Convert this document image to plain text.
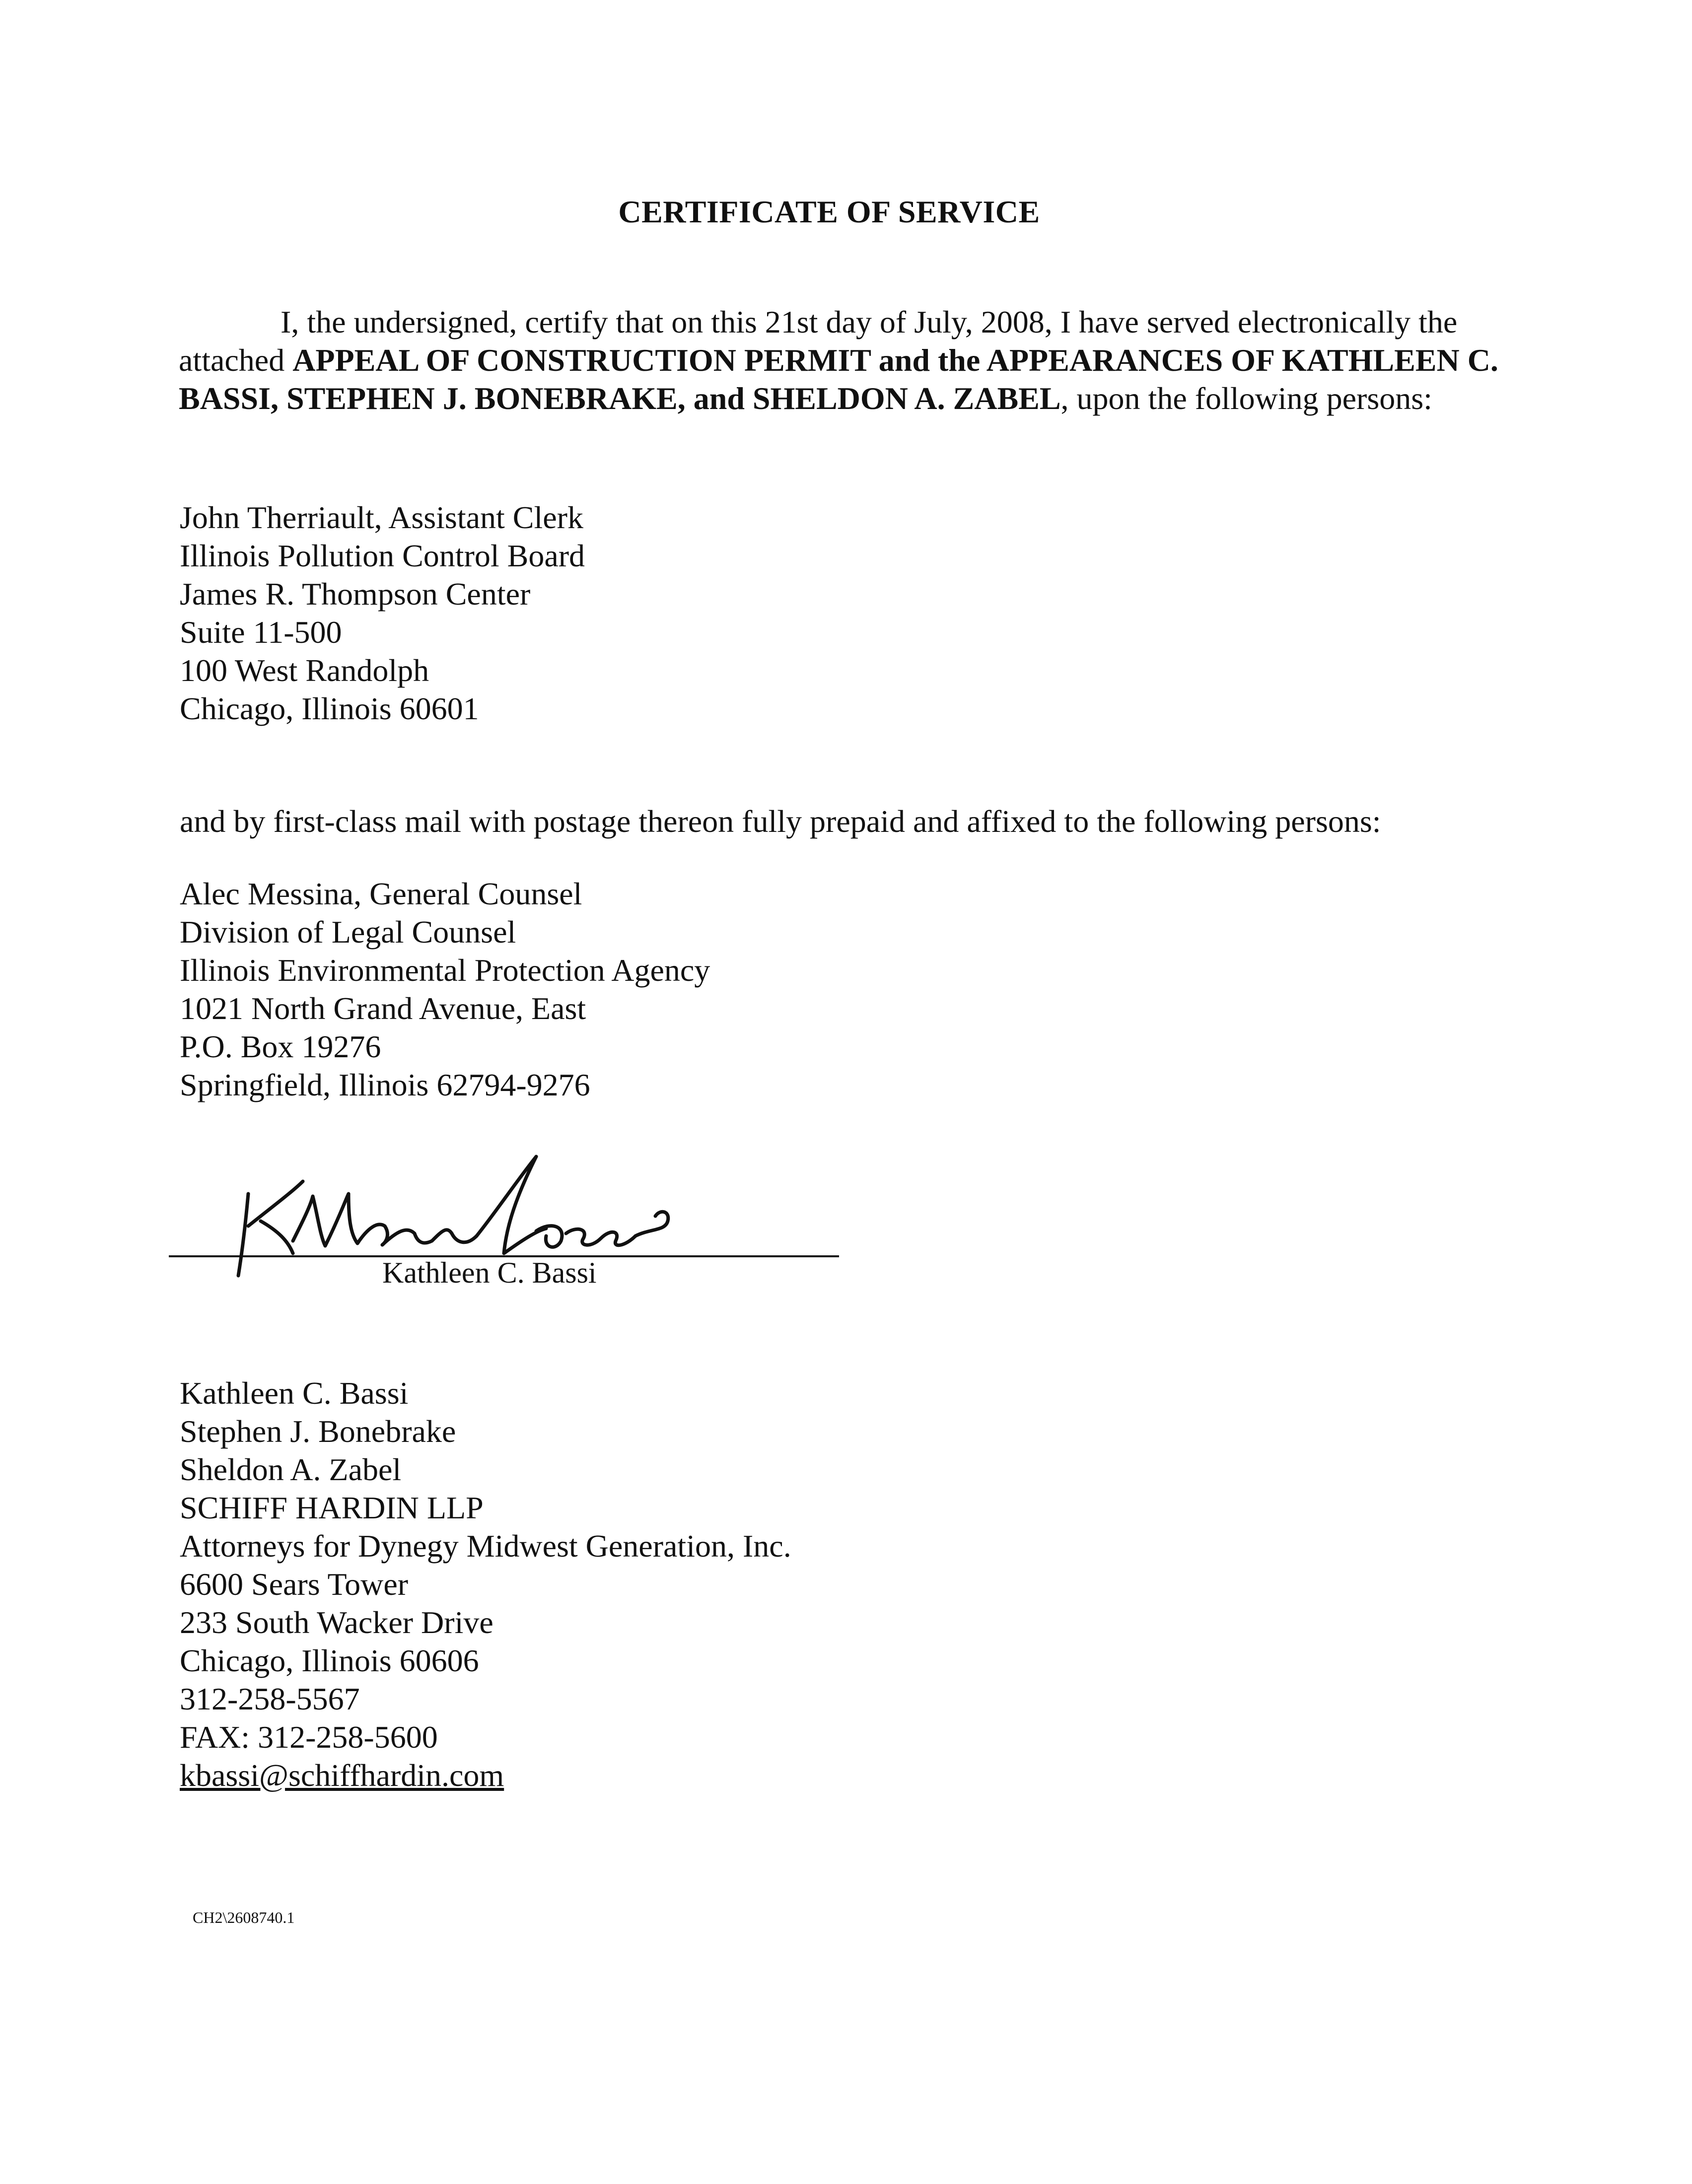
CERTIFICATE OF SERVICE
I, the undersigned, certify that on this 21st day of July, 2008, I have served electronically the attached APPEAL OF CONSTRUCTION PERMIT and the APPEARANCES OF KATHLEEN C. BASSI, STEPHEN J. BONEBRAKE, and SHELDON A. ZABEL, upon the following persons:
John Therriault, Assistant Clerk
Illinois Pollution Control Board
James R. Thompson Center
Suite 11-500
100 West Randolph
Chicago, Illinois 60601
and by first-class mail with postage thereon fully prepaid and affixed to the following persons:
Alec Messina, General Counsel
Division of Legal Counsel
Illinois Environmental Protection Agency
1021 North Grand Avenue, East
P.O. Box 19276
Springfield, Illinois 62794-9276
Kathleen C. Bassi
Kathleen C. Bassi
Stephen J. Bonebrake
Sheldon A. Zabel
SCHIFF HARDIN LLP
Attorneys for Dynegy Midwest Generation, Inc.
6600 Sears Tower
233 South Wacker Drive
Chicago, Illinois 60606
312-258-5567
FAX: 312-258-5600
kbassi@schiffhardin.com
CH2\2608740.1
